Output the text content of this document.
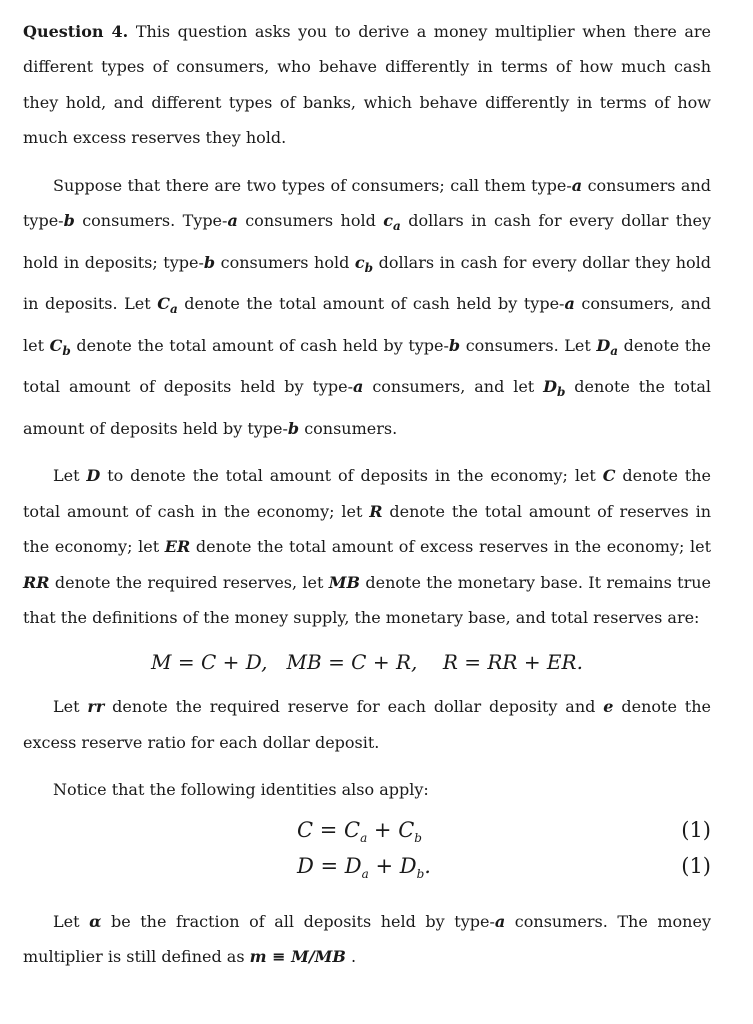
Question 4. This question asks you to derive a money multiplier when there are different types of consumers, who behave differently in terms of how much cash they hold, and different types of banks, which behave differently in terms of how much excess reserves they hold.

Suppose that there are two types of consumers; call them type-a consumers and type-b consumers. Type-a consumers hold $c_a$ dollars in cash for every dollar they hold in deposits; type-b consumers hold $c_b$ dollars in cash for every dollar they hold in deposits. Let $C_a$ denote the total amount of cash held by type-a consumers, and let $C_b$ denote the total amount of cash held by type-b consumers. Let $D_a$ denote the total amount of deposits held by type-a consumers, and let $D_b$ denote the total amount of deposits held by type-b consumers.

Let D to denote the total amount of deposits in the economy; let C denote the total amount of cash in the economy; let R denote the total amount of reserves in the economy; let ER denote the total amount of excess reserves in the economy; let RR denote the required reserves, let MB denote the monetary base. It remains true that the definitions of the money supply, the monetary base, and total reserves are:

M = C + D, MB = C + R, R = RR + ER.

Let rr denote the required reserve for each dollar deposity and e denote the excess reserve ratio for each dollar deposit.

Notice that the following identities also apply:

$C = C_a + C_b$	(1)
$D = D_a + D_b$.	(1)

Let α be the fraction of all deposits held by type-a consumers. The money multiplier is still defined as m ≡ M/MB .
